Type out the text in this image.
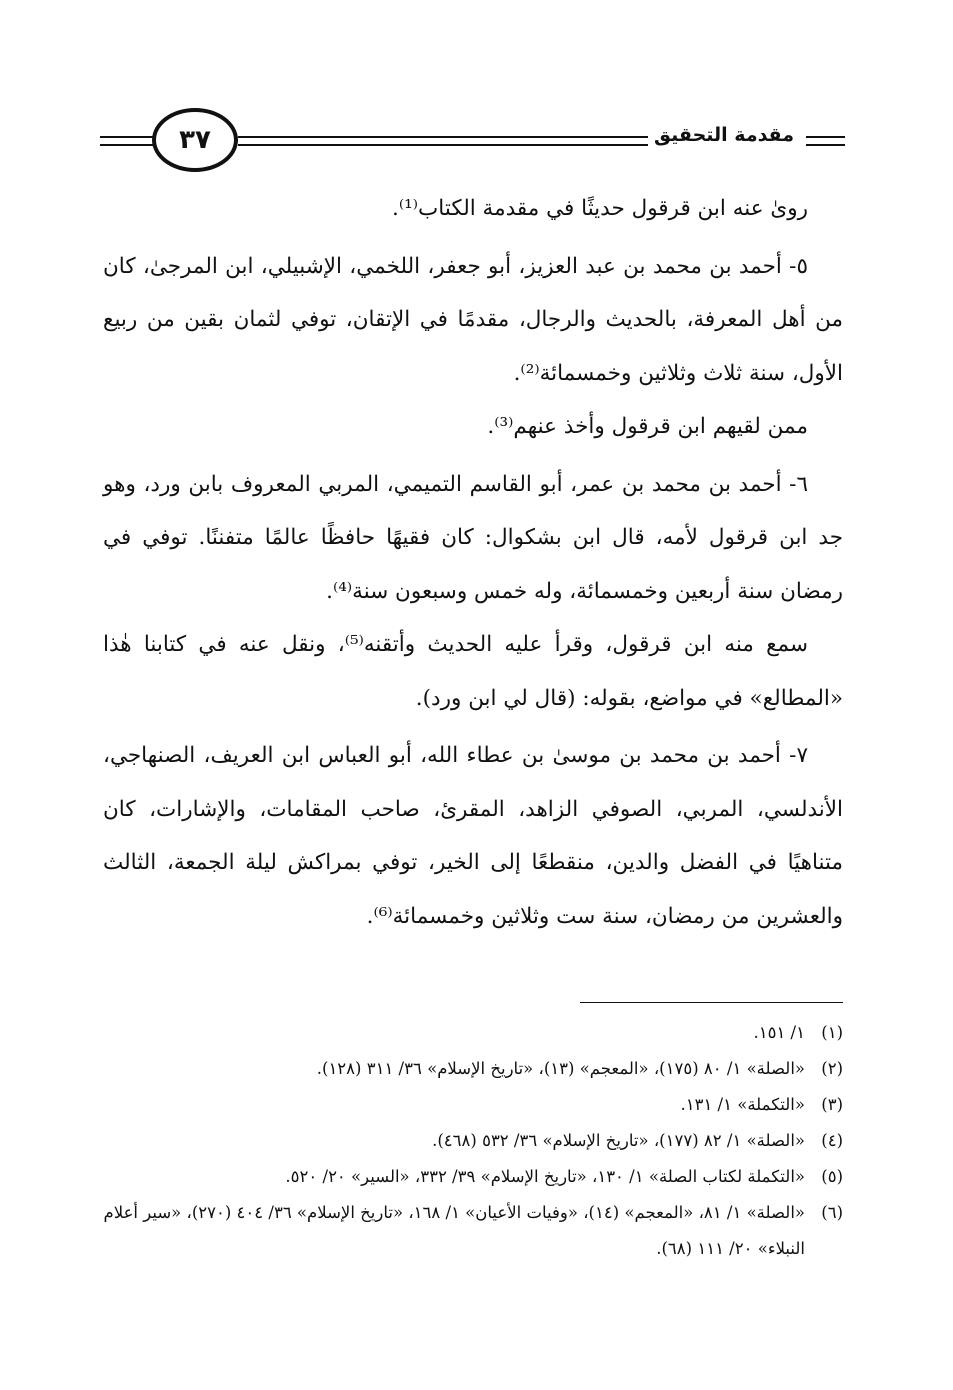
٣٧	مقدمة التحقيق

رویٰ عنه ابن قرقول حديثًا في مقدمة الكتاب⁽¹⁾.

٥- أحمد بن محمد بن عبد العزيز، أبو جعفر، اللخمي، الإشبيلي، ابن المرجیٰ، كان من أهل المعرفة، بالحديث والرجال، مقدمًا في الإتقان، توفي لثمان بقين من ربيع الأول، سنة ثلاث وثلاثين وخمسمائة⁽²⁾.

ممن لقيهم ابن قرقول وأخذ عنهم⁽³⁾.

٦- أحمد بن محمد بن عمر، أبو القاسم التميمي، المربي المعروف بابن ورد، وهو جد ابن قرقول لأمه، قال ابن بشكوال: كان فقيهًا حافظًا عالمًا متفننًا. توفي في رمضان سنة أربعين وخمسمائة، وله خمس وسبعون سنة⁽⁴⁾.

سمع منه ابن قرقول، وقرأ عليه الحديث وأتقنه⁽⁵⁾، ونقل عنه في كتابنا هٰذا «المطالع» في مواضع، بقوله: (قال لي ابن ورد).

٧- أحمد بن محمد بن موسیٰ بن عطاء الله، أبو العباس ابن العريف، الصنهاجي، الأندلسي، المربي، الصوفي الزاهد، المقرئ، صاحب المقامات، والإشارات، كان متناهيًا في الفضل والدين، منقطعًا إلى الخير، توفي بمراكش ليلة الجمعة، الثالث والعشرين من رمضان، سنة ست وثلاثين وخمسمائة⁽⁶⁾.

(١)
١/ ١٥١.
(٢)
«الصلة» ١/ ٨٠ (١٧٥)، «المعجم» (١٣)، «تاريخ الإسلام» ٣٦/ ٣١١ (١٢٨).
(٣)
«التكملة» ١/ ١٣١.
(٤)
«الصلة» ١/ ٨٢ (١٧٧)، «تاريخ الإسلام» ٣٦/ ٥٣٢ (٤٦٨).
(٥)
«التكملة لكتاب الصلة» ١/ ١٣٠، «تاريخ الإسلام» ٣٩/ ٣٣٢، «السير» ٢٠/ ٥٢٠.
(٦)
«الصلة» ١/ ٨١، «المعجم» (١٤)، «وفيات الأعيان» ١/ ١٦٨، «تاريخ الإسلام» ٣٦/ ٤٠٤ (٢٧٠)، «سير أعلام النبلاء» ٢٠/ ١١١ (٦٨).
